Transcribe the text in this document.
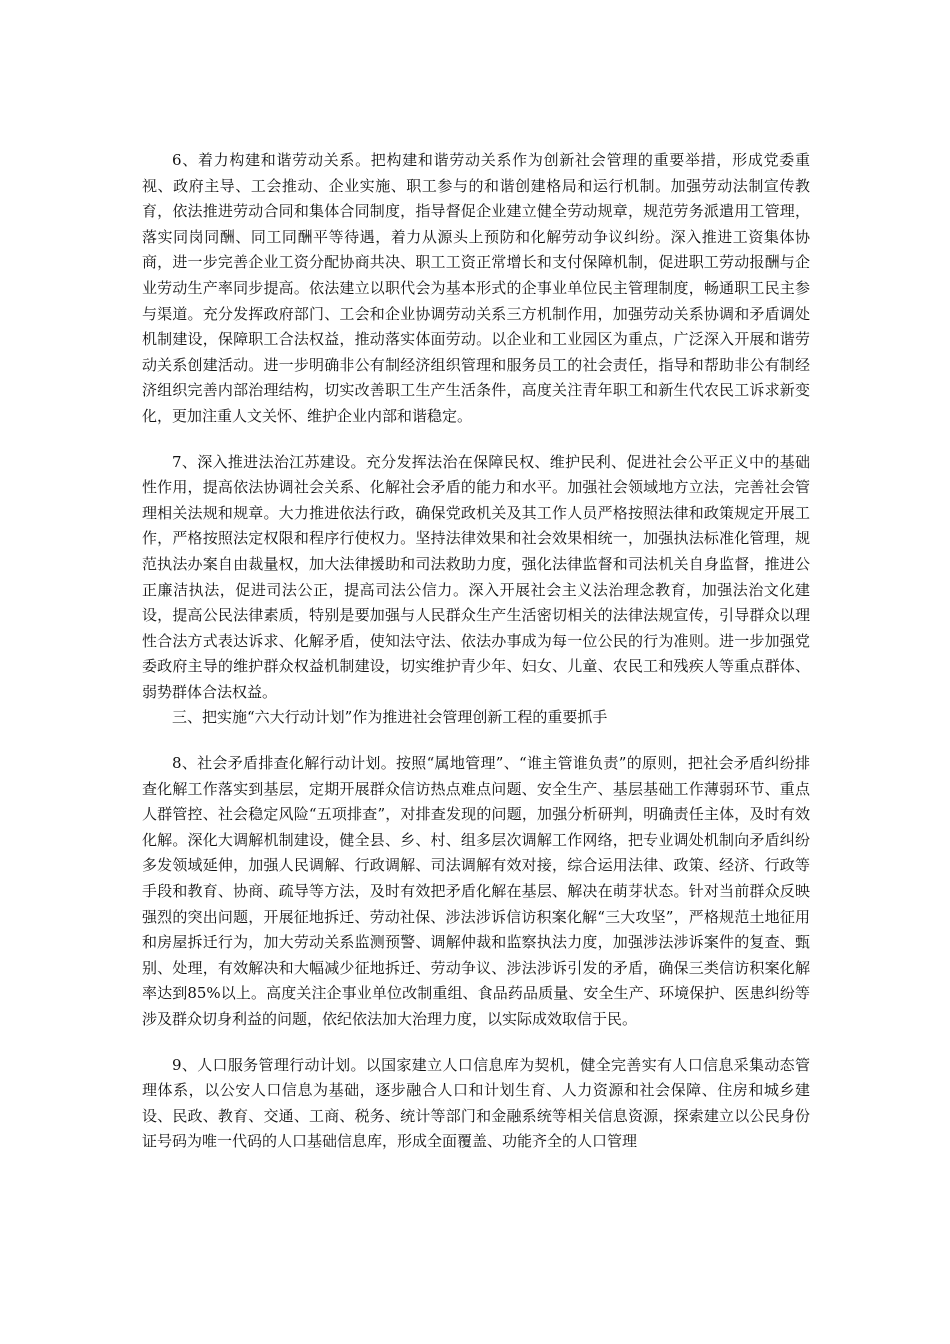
6、着力构建和谐劳动关系。把构建和谐劳动关系作为创新社会管理的重要举措，形成党委重视、政府主导、工会推动、企业实施、职工参与的和谐创建格局和运行机制。加强劳动法制宣传教育，依法推进劳动合同和集体合同制度，指导督促企业建立健全劳动规章，规范劳务派遣用工管理，落实同岗同酬、同工同酬平等待遇，着力从源头上预防和化解劳动争议纠纷。深入推进工资集体协商，进一步完善企业工资分配协商共决、职工工资正常增长和支付保障机制，促进职工劳动报酬与企业劳动生产率同步提高。依法建立以职代会为基本形式的企事业单位民主管理制度，畅通职工民主参与渠道。充分发挥政府部门、工会和企业协调劳动关系三方机制作用，加强劳动关系协调和矛盾调处机制建设，保障职工合法权益，推动落实体面劳动。以企业和工业园区为重点，广泛深入开展和谐劳动关系创建活动。进一步明确非公有制经济组织管理和服务员工的社会责任，指导和帮助非公有制经济组织完善内部治理结构，切实改善职工生产生活条件，高度关注青年职工和新生代农民工诉求新变化，更加注重人文关怀、维护企业内部和谐稳定。

7、深入推进法治江苏建设。充分发挥法治在保障民权、维护民利、促进社会公平正义中的基础性作用，提高依法协调社会关系、化解社会矛盾的能力和水平。加强社会领域地方立法，完善社会管理相关法规和规章。大力推进依法行政，确保党政机关及其工作人员严格按照法律和政策规定开展工作，严格按照法定权限和程序行使权力。坚持法律效果和社会效果相统一，加强执法标准化管理，规范执法办案自由裁量权，加大法律援助和司法救助力度，强化法律监督和司法机关自身监督，推进公正廉洁执法，促进司法公正，提高司法公信力。深入开展社会主义法治理念教育，加强法治文化建设，提高公民法律素质，特别是要加强与人民群众生产生活密切相关的法律法规宣传，引导群众以理性合法方式表达诉求、化解矛盾，使知法守法、依法办事成为每一位公民的行为准则。进一步加强党委政府主导的维护群众权益机制建设，切实维护青少年、妇女、儿童、农民工和残疾人等重点群体、弱势群体合法权益。

三、把实施“六大行动计划”作为推进社会管理创新工程的重要抓手

8、社会矛盾排查化解行动计划。按照“属地管理”、“谁主管谁负责”的原则，把社会矛盾纠纷排查化解工作落实到基层，定期开展群众信访热点难点问题、安全生产、基层基础工作薄弱环节、重点人群管控、社会稳定风险“五项排查”，对排查发现的问题，加强分析研判，明确责任主体，及时有效化解。深化大调解机制建设，健全县、乡、村、组多层次调解工作网络，把专业调处机制向矛盾纠纷多发领域延伸，加强人民调解、行政调解、司法调解有效对接，综合运用法律、政策、经济、行政等手段和教育、协商、疏导等方法，及时有效把矛盾化解在基层、解决在萌芽状态。针对当前群众反映强烈的突出问题，开展征地拆迁、劳动社保、涉法涉诉信访积案化解“三大攻坚”，严格规范土地征用和房屋拆迁行为，加大劳动关系监测预警、调解仲裁和监察执法力度，加强涉法涉诉案件的复查、甄别、处理，有效解决和大幅减少征地拆迁、劳动争议、涉法涉诉引发的矛盾，确保三类信访积案化解率达到85%以上。高度关注企事业单位改制重组、食品药品质量、安全生产、环境保护、医患纠纷等涉及群众切身利益的问题，依纪依法加大治理力度，以实际成效取信于民。

9、人口服务管理行动计划。以国家建立人口信息库为契机，健全完善实有人口信息采集动态管理体系，以公安人口信息为基础，逐步融合人口和计划生育、人力资源和社会保障、住房和城乡建设、民政、教育、交通、工商、税务、统计等部门和金融系统等相关信息资源，探索建立以公民身份证号码为唯一代码的人口基础信息库，形成全面覆盖、功能齐全的人口管理
